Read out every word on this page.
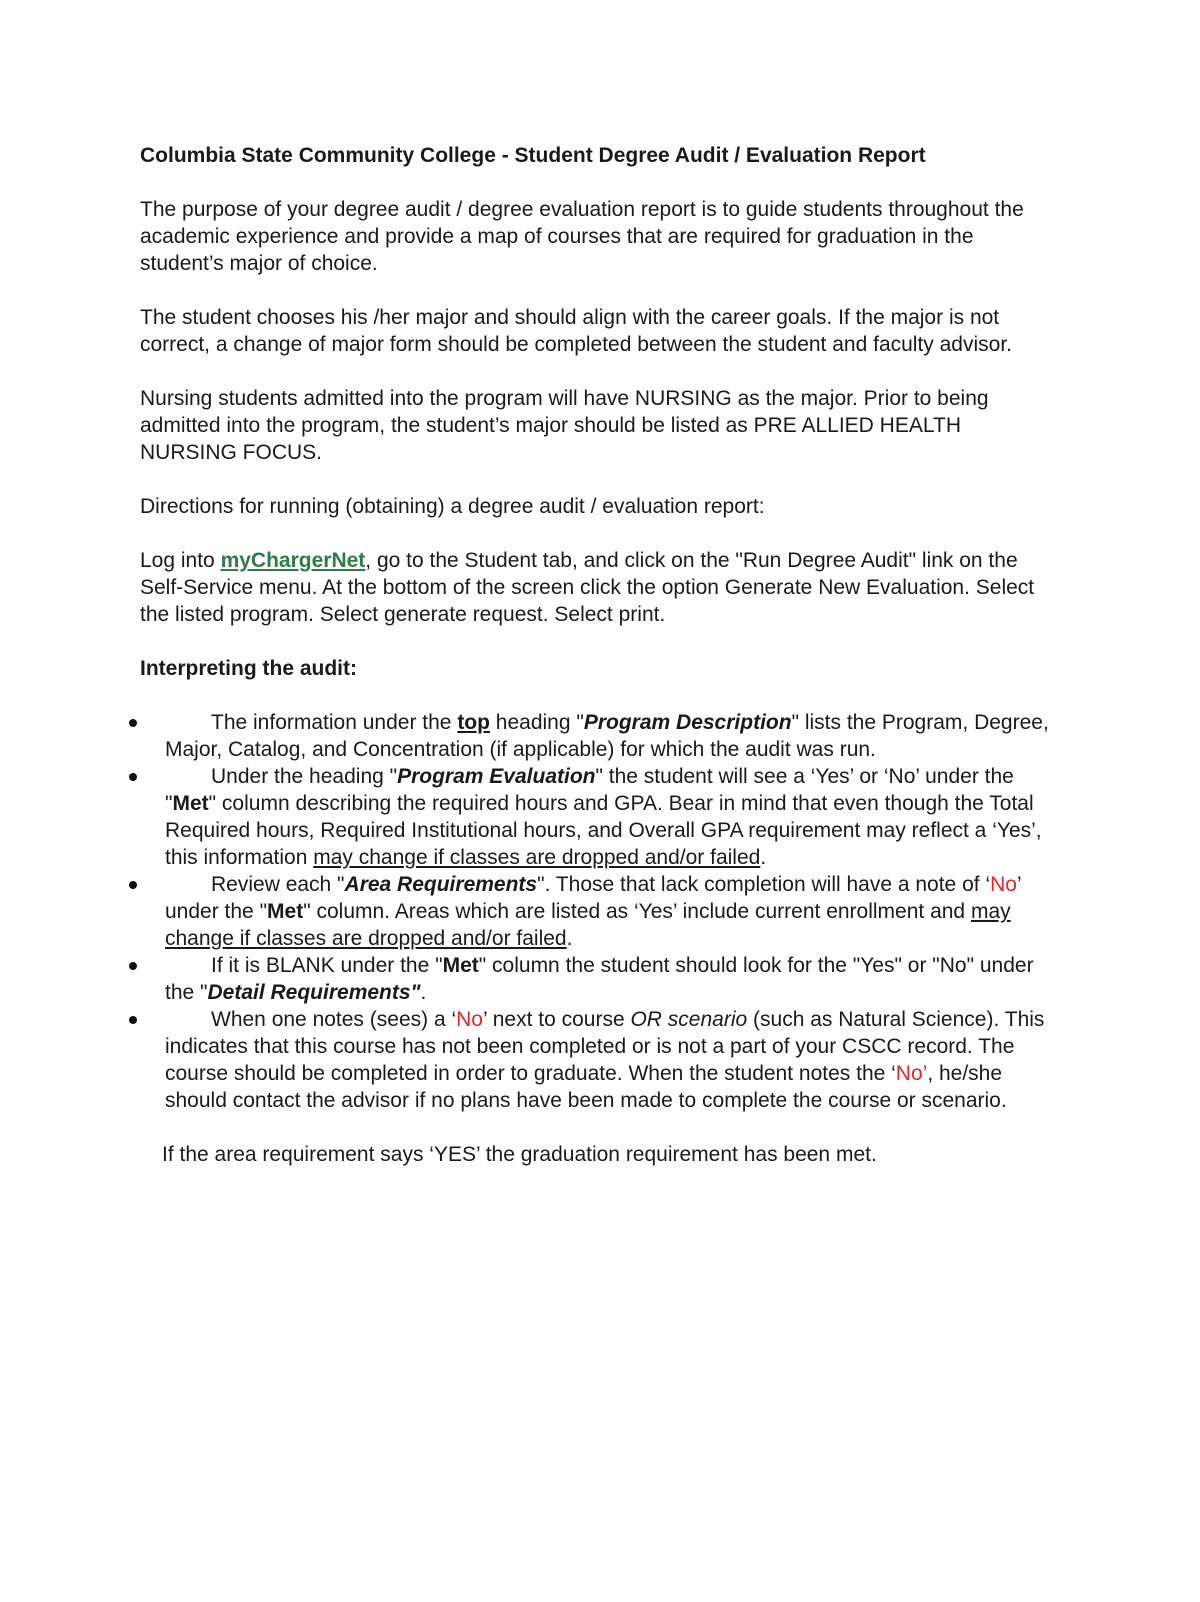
Columbia State Community College - Student Degree Audit / Evaluation Report

The purpose of your degree audit / degree evaluation report is to guide students throughout the academic experience and provide a map of courses that are required for graduation in the student’s major of choice.

The student chooses his /her major and should align with the career goals. If the major is not correct, a change of major form should be completed between the student and faculty advisor.

Nursing students admitted into the program will have NURSING as the major. Prior to being admitted into the program, the student’s major should be listed as PRE ALLIED HEALTH NURSING FOCUS.

Directions for running (obtaining) a degree audit / evaluation report:

Log into myChargerNet, go to the Student tab, and click on the "Run Degree Audit" link on the Self-Service menu. At the bottom of the screen click the option Generate New Evaluation. Select the listed program. Select generate request. Select print.

Interpreting the audit:

The information under the top heading "Program Description" lists the Program, Degree, Major, Catalog, and Concentration (if applicable) for which the audit was run.
Under the heading "Program Evaluation" the student will see a ‘Yes’ or ‘No’ under the "Met" column describing the required hours and GPA. Bear in mind that even though the Total Required hours, Required Institutional hours, and Overall GPA requirement may reflect a ‘Yes’, this information may change if classes are dropped and/or failed.
Review each "Area Requirements". Those that lack completion will have a note of ‘No’ under the "Met" column. Areas which are listed as ‘Yes’ include current enrollment and may change if classes are dropped and/or failed.
If it is BLANK under the "Met" column the student should look for the "Yes" or "No" under the "Detail Requirements".
When one notes (sees) a ‘No’ next to course OR scenario (such as Natural Science). This indicates that this course has not been completed or is not a part of your CSCC record. The course should be completed in order to graduate. When the student notes the ‘No’, he/she should contact the advisor if no plans have been made to complete the course or scenario.

If the area requirement says ‘YES’ the graduation requirement has been met.
